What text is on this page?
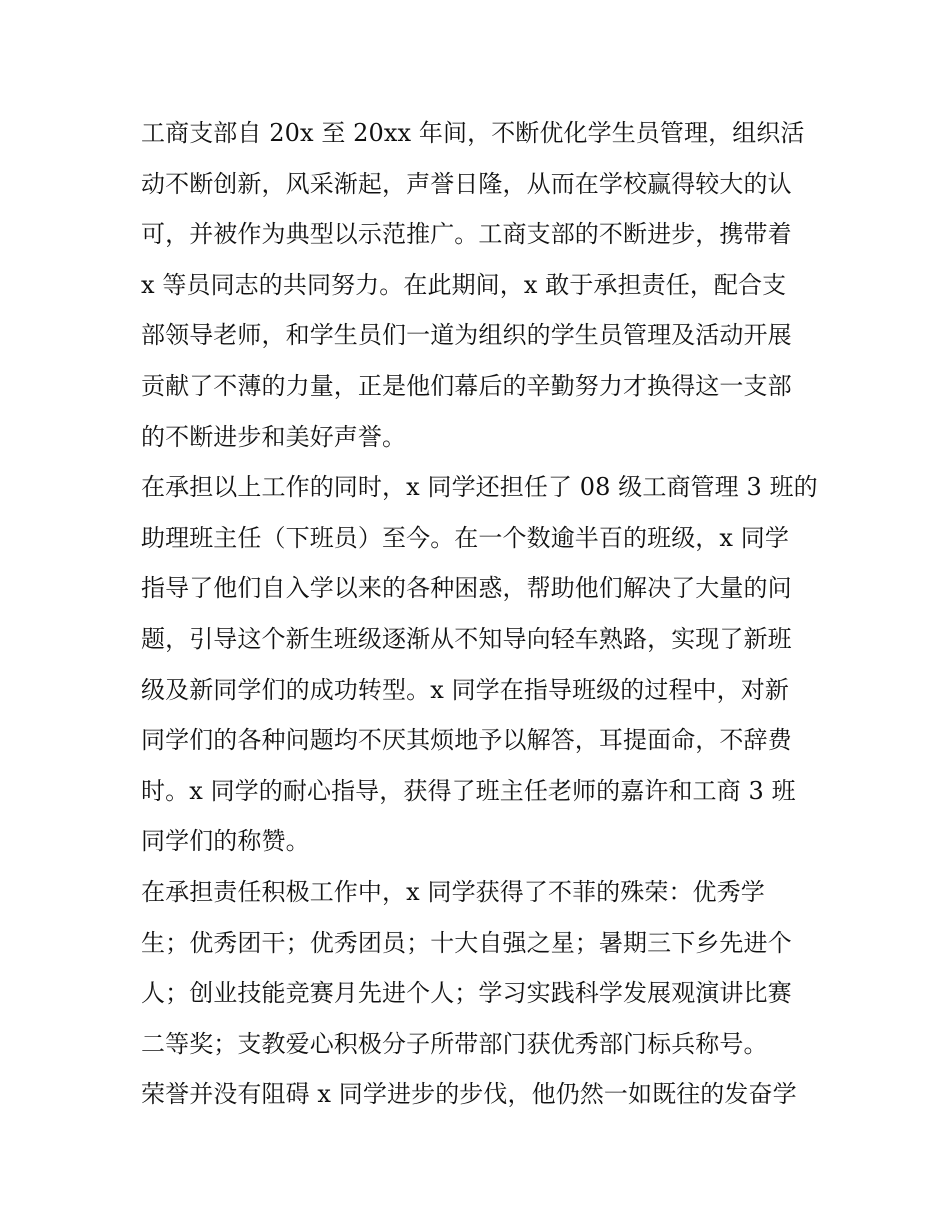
工商支部自 20x 至 20xx 年间，不断优化学生员管理，组织活
动不断创新，风采渐起，声誉日隆，从而在学校赢得较大的认
可，并被作为典型以示范推广。工商支部的不断进步，携带着
x 等员同志的共同努力。在此期间，x 敢于承担责任，配合支
部领导老师，和学生员们一道为组织的学生员管理及活动开展
贡献了不薄的力量，正是他们幕后的辛勤努力才换得这一支部
的不断进步和美好声誉。

在承担以上工作的同时，x 同学还担任了 08 级工商管理 3 班的
助理班主任（下班员）至今。在一个数逾半百的班级，x 同学
指导了他们自入学以来的各种困惑，帮助他们解决了大量的问
题，引导这个新生班级逐渐从不知导向轻车熟路，实现了新班
级及新同学们的成功转型。x 同学在指导班级的过程中，对新
同学们的各种问题均不厌其烦地予以解答，耳提面命，不辞费
时。x 同学的耐心指导，获得了班主任老师的嘉许和工商 3 班
同学们的称赞。

在承担责任积极工作中，x 同学获得了不菲的殊荣：优秀学
生；优秀团干；优秀团员；十大自强之星；暑期三下乡先进个
人；创业技能竞赛月先进个人；学习实践科学发展观演讲比赛
二等奖；支教爱心积极分子所带部门获优秀部门标兵称号。

荣誉并没有阻碍 x 同学进步的步伐，他仍然一如既往的发奋学
